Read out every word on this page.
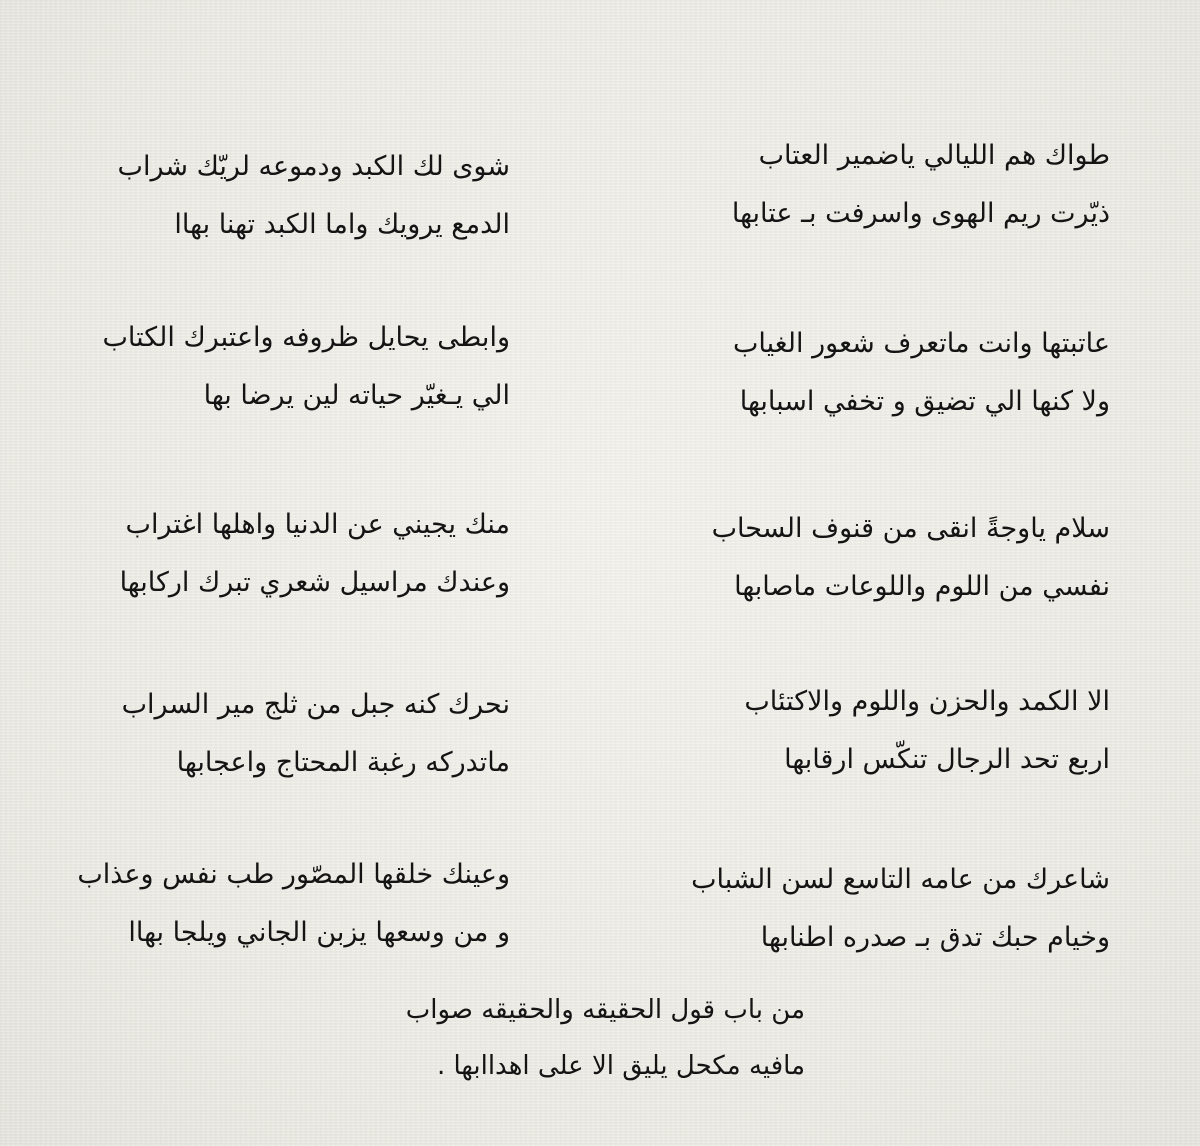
طواك هم الليالي ياضمير العتاب
ذيّرت ريم الهوى واسرفت بـ عتابها
شوى لك الكبد ودموعه لريّك شراب
الدمع يرويك واما الكبد تهنا بهاا
عاتبتها وانت ماتعرف شعور الغياب
ولا كنها الي تضيق و تخفي اسبابها
وابطى يحايل ظروفه واعتبرك الكتاب
الي يـغيّر حياته لين يرضا بها
سلام ياوجةً انقى من قنوف السحاب
نفسي من اللوم واللوعات ماصابها
منك يجيني عن الدنيا واهلها اغتراب
وعندك مراسيل شعري تبرك اركابها
الا الكمد والحزن واللوم والاكتئاب
اربع تحد الرجال تنكّس ارقابها
نحرك كنه جبل من ثلج مير السراب
ماتدركه رغبة المحتاج واعجابها
شاعرك من عامه التاسع لسن الشباب
وخيام حبك تدق بـ صدره اطنابها
وعينك خلقها المصّور طب نفس وعذاب
و من وسعها يزبن الجاني ويلجا بهاا
من باب قول الحقيقه والحقيقه صواب
مافيه مكحل يليق الا على اهداابها .
